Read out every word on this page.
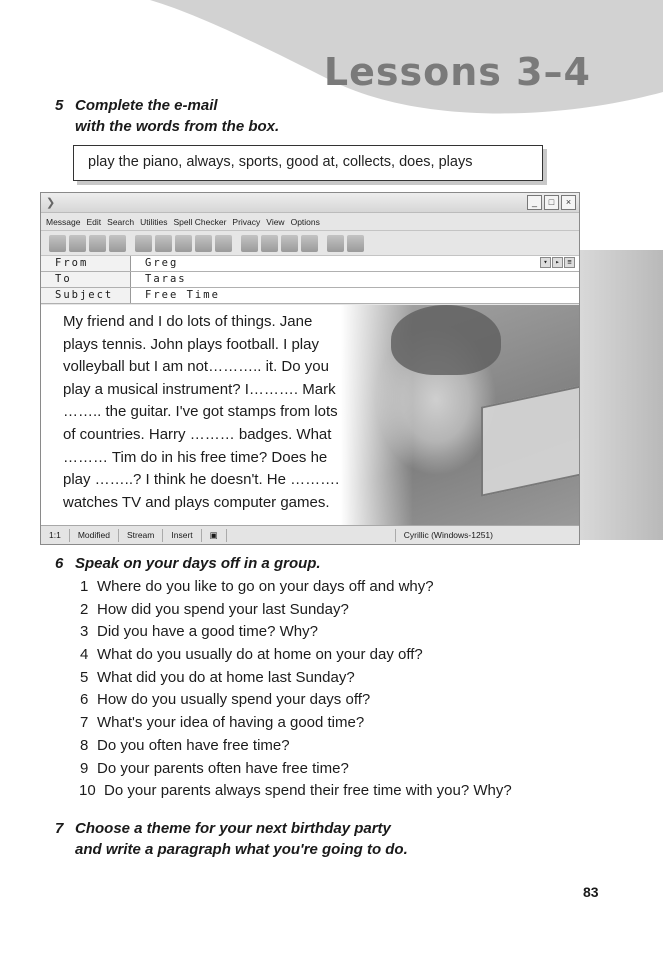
Lessons 3–4
5 Complete the e-mail
with the words from the box.
play the piano, always, sports, good at, collects, does, plays
❯	_	□	×
Message Edit Search Utilities Spell Checker Privacy View Options
From	Greg	▾	▸	≡
To	Taras
Subject	Free Time
My friend and I do lots of things. Jane
plays tennis. John plays football. I play
volleyball but I am not……….. it. Do you
play a musical instrument? I………. Mark
…….. the guitar. I've got stamps from lots
of countries. Harry ……… badges. What
……… Tim do in his free time? Does he
play ……..? I think he doesn't. He ……….
watches TV and plays computer games.
1:1	Modified	Stream	Insert	▣	Cyrillic (Windows-1251)
6 Speak on your days off in a group.
1 Where do you like to go on your days off and why?
2 How did you spend your last Sunday?
3 Did you have a good time? Why?
4 What do you usually do at home on your day off?
5 What did you do at home last Sunday?
6 How do you usually spend your days off?
7 What's your idea of having a good time?
8 Do you often have free time?
9 Do your parents often have free time?
10 Do your parents always spend their free time with you? Why?
7 Choose a theme for your next birthday party
and write a paragraph what you're going to do.
83
